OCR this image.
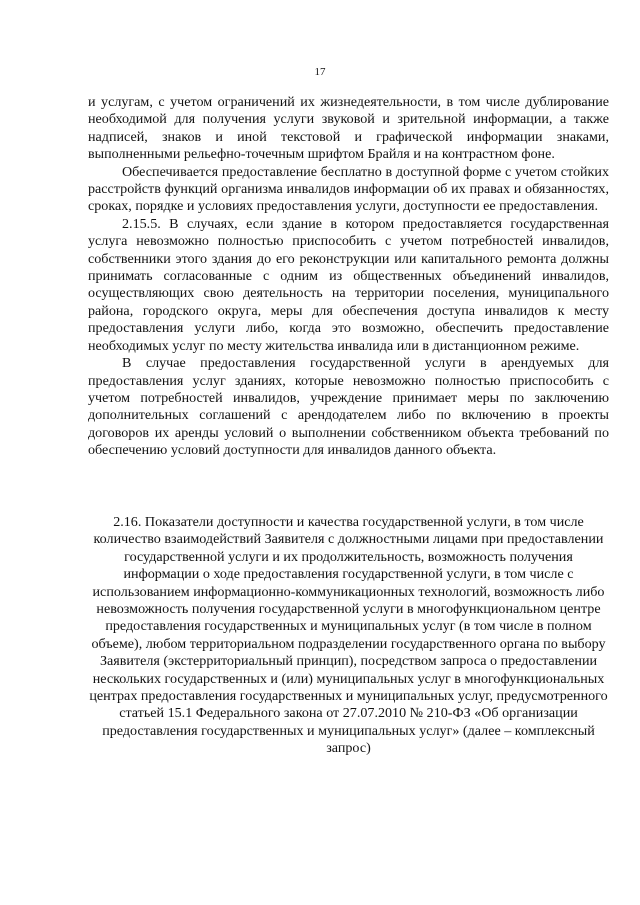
17

и услугам, с учетом ограничений их жизнедеятельности, в том числе дублирование необходимой для получения услуги звуковой и зрительной информации, а также надписей, знаков и иной текстовой и графической информации знаками, выполненными рельефно-точечным шрифтом Брайля и на контрастном фоне.

Обеспечивается предоставление бесплатно в доступной форме с учетом стойких расстройств функций организма инвалидов информации об их правах и обязанностях, сроках, порядке и условиях предоставления услуги, доступности ее предоставления.

2.15.5. В случаях, если здание в котором предоставляется государственная услуга невозможно полностью приспособить с учетом потребностей инвалидов, собственники этого здания до его реконструкции или капитального ремонта должны принимать согласованные с одним из общественных объединений инвалидов, осуществляющих свою деятельность на территории поселения, муниципального района, городского округа, меры для обеспечения доступа инвалидов к месту предоставления услуги либо, когда это возможно, обеспечить предоставление необходимых услуг по месту жительства инвалида или в дистанционном режиме.

В случае предоставления государственной услуги в арендуемых для предоставления услуг зданиях, которые невозможно полностью приспособить с учетом потребностей инвалидов, учреждение принимает меры по заключению дополнительных соглашений с арендодателем либо по включению в проекты договоров их аренды условий о выполнении собственником объекта требований по обеспечению условий доступности для инвалидов данного объекта.

2.16. Показатели доступности и качества государственной услуги, в том числе количество взаимодействий Заявителя с должностными лицами при предоставлении государственной услуги и их продолжительность, возможность получения информации о ходе предоставления государственной услуги, в том числе с использованием информационно-коммуникационных технологий, возможность либо невозможность получения государственной услуги в многофункциональном центре предоставления государственных и муниципальных услуг (в том числе в полном объеме), любом территориальном подразделении государственного органа по выбору Заявителя (экстерриториальный принцип), посредством запроса о предоставлении нескольких государственных и (или) муниципальных услуг в многофункциональных центрах предоставления государственных и муниципальных услуг, предусмотренного статьей 15.1 Федерального закона от 27.07.2010 № 210-ФЗ «Об организации предоставления государственных и муниципальных услуг» (далее – комплексный запрос)
